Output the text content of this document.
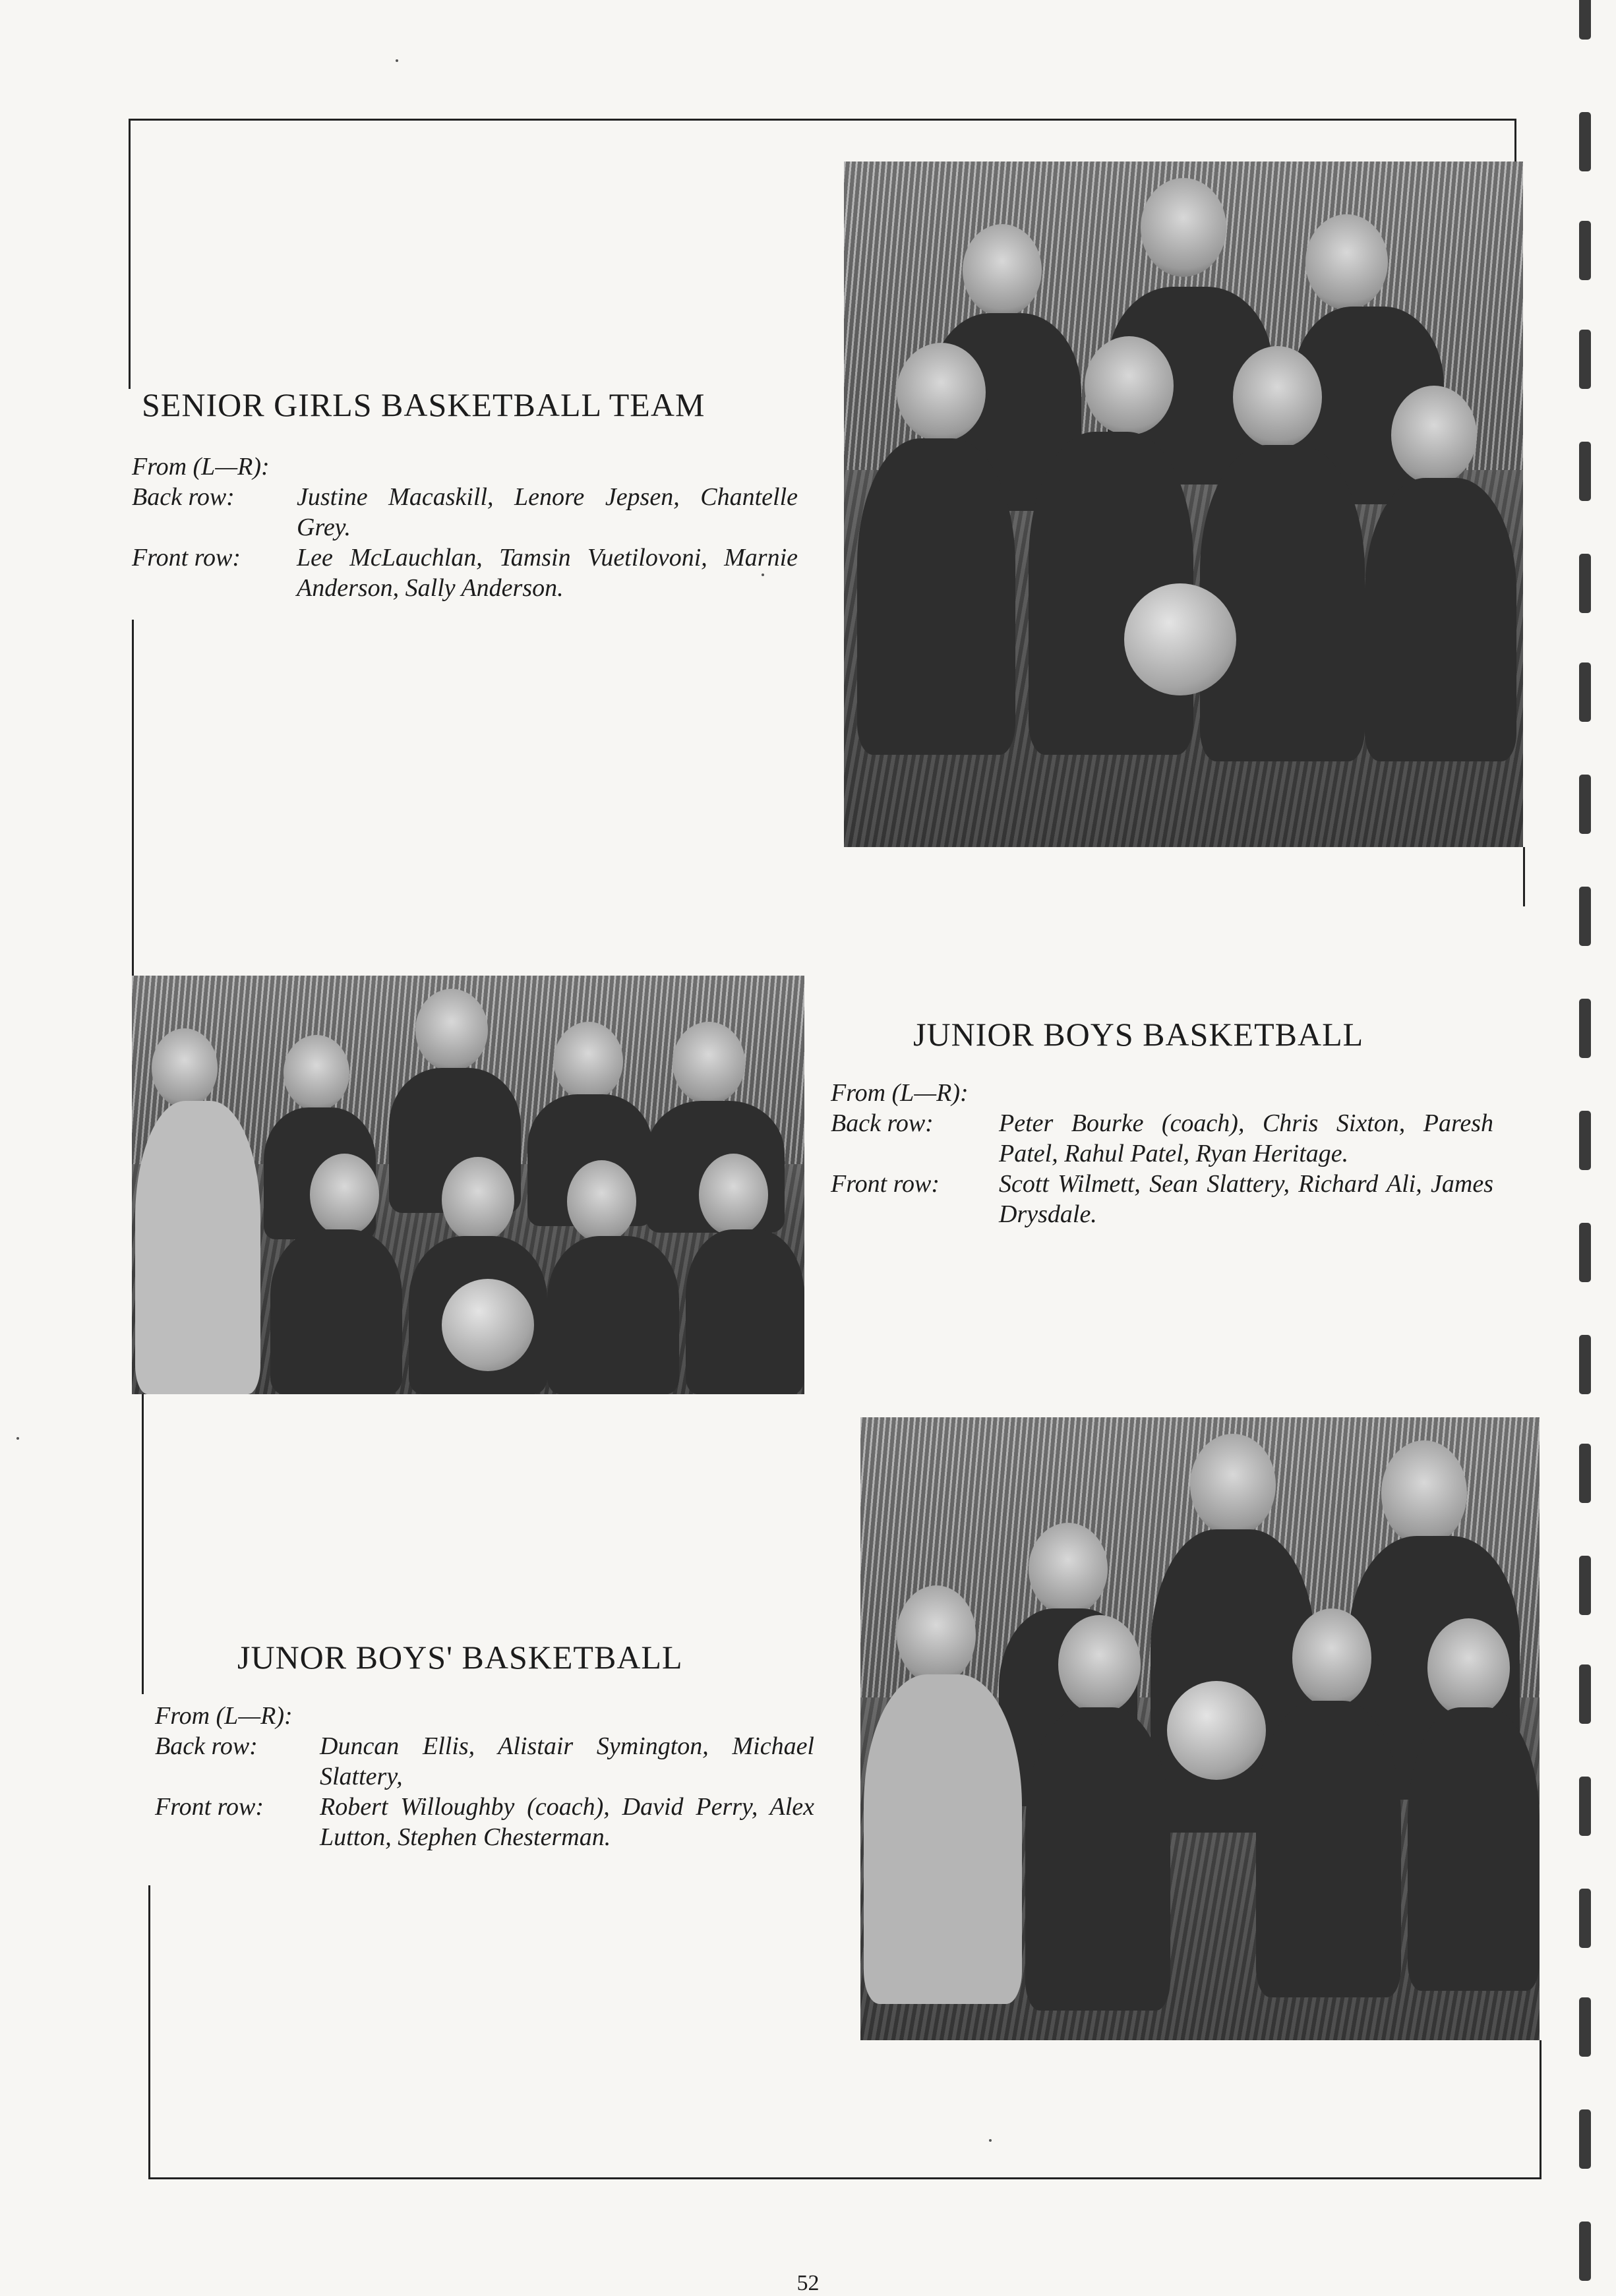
SENIOR GIRLS BASKETBALL TEAM
From (L—R):
Back row:	Justine Macaskill, Lenore Jepsen, Chantelle Grey.
Front row:	Lee McLauchlan, Tamsin Vuetilovoni, Marnie Anderson, Sally Anderson.
JUNIOR BOYS BASKETBALL
From (L—R):
Back row:	Peter Bourke (coach), Chris Sixton, Paresh Patel, Rahul Patel, Ryan Heritage.
Front row:	Scott Wilmett, Sean Slattery, Richard Ali, James Drysdale.
JUNOR BOYS' BASKETBALL
From (L—R):
Back row:	Duncan Ellis, Alistair Symington, Michael Slattery,
Front row:	Robert Willoughby (coach), David Perry, Alex Lutton, Stephen Chesterman.
52
